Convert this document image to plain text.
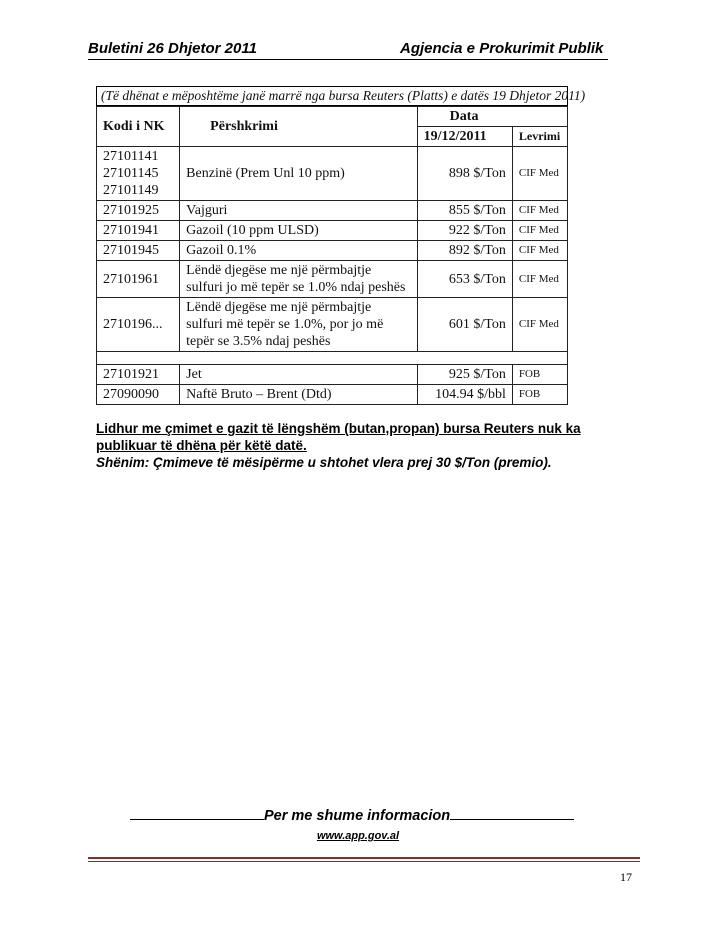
Buletini 26 Dhjetor 2011	Agjencia e Prokurimit Publik
(Të dhënat e mëposhtëme janë marrë nga bursa Reuters (Platts) e datës 19 Dhjetor 2011)
Kodi i NK	Përshkrimi	Data	
		19/12/2011	Levrimi
27101141
27101145
27101149	Benzinë (Prem Unl 10 ppm)	898 $/Ton	CIF Med
27101925	Vajguri	855 $/Ton	CIF Med
27101941	Gazoil (10 ppm ULSD)	922 $/Ton	CIF Med
27101945	Gazoil 0.1%	892 $/Ton	CIF Med
27101961	Lëndë djegëse me një përmbajtje sulfuri jo më tepër se 1.0% ndaj peshës	653 $/Ton	CIF Med
2710196...	Lëndë djegëse me një përmbajtje sulfuri më tepër se 1.0%, por jo më tepër se 3.5% ndaj peshës	601 $/Ton	CIF Med

27101921	Jet	925 $/Ton	FOB
27090090	Naftë Bruto – Brent (Dtd)	104.94 $/bbl	FOB
Lidhur me çmimet e gazit të lëngshëm (butan,propan) bursa Reuters nuk ka publikuar të dhëna për këtë datë.
Shënim: Çmimeve të mësipërme u shtohet vlera prej 30 $/Ton (premio).
Per me shume informacion
www.app.gov.al
17
